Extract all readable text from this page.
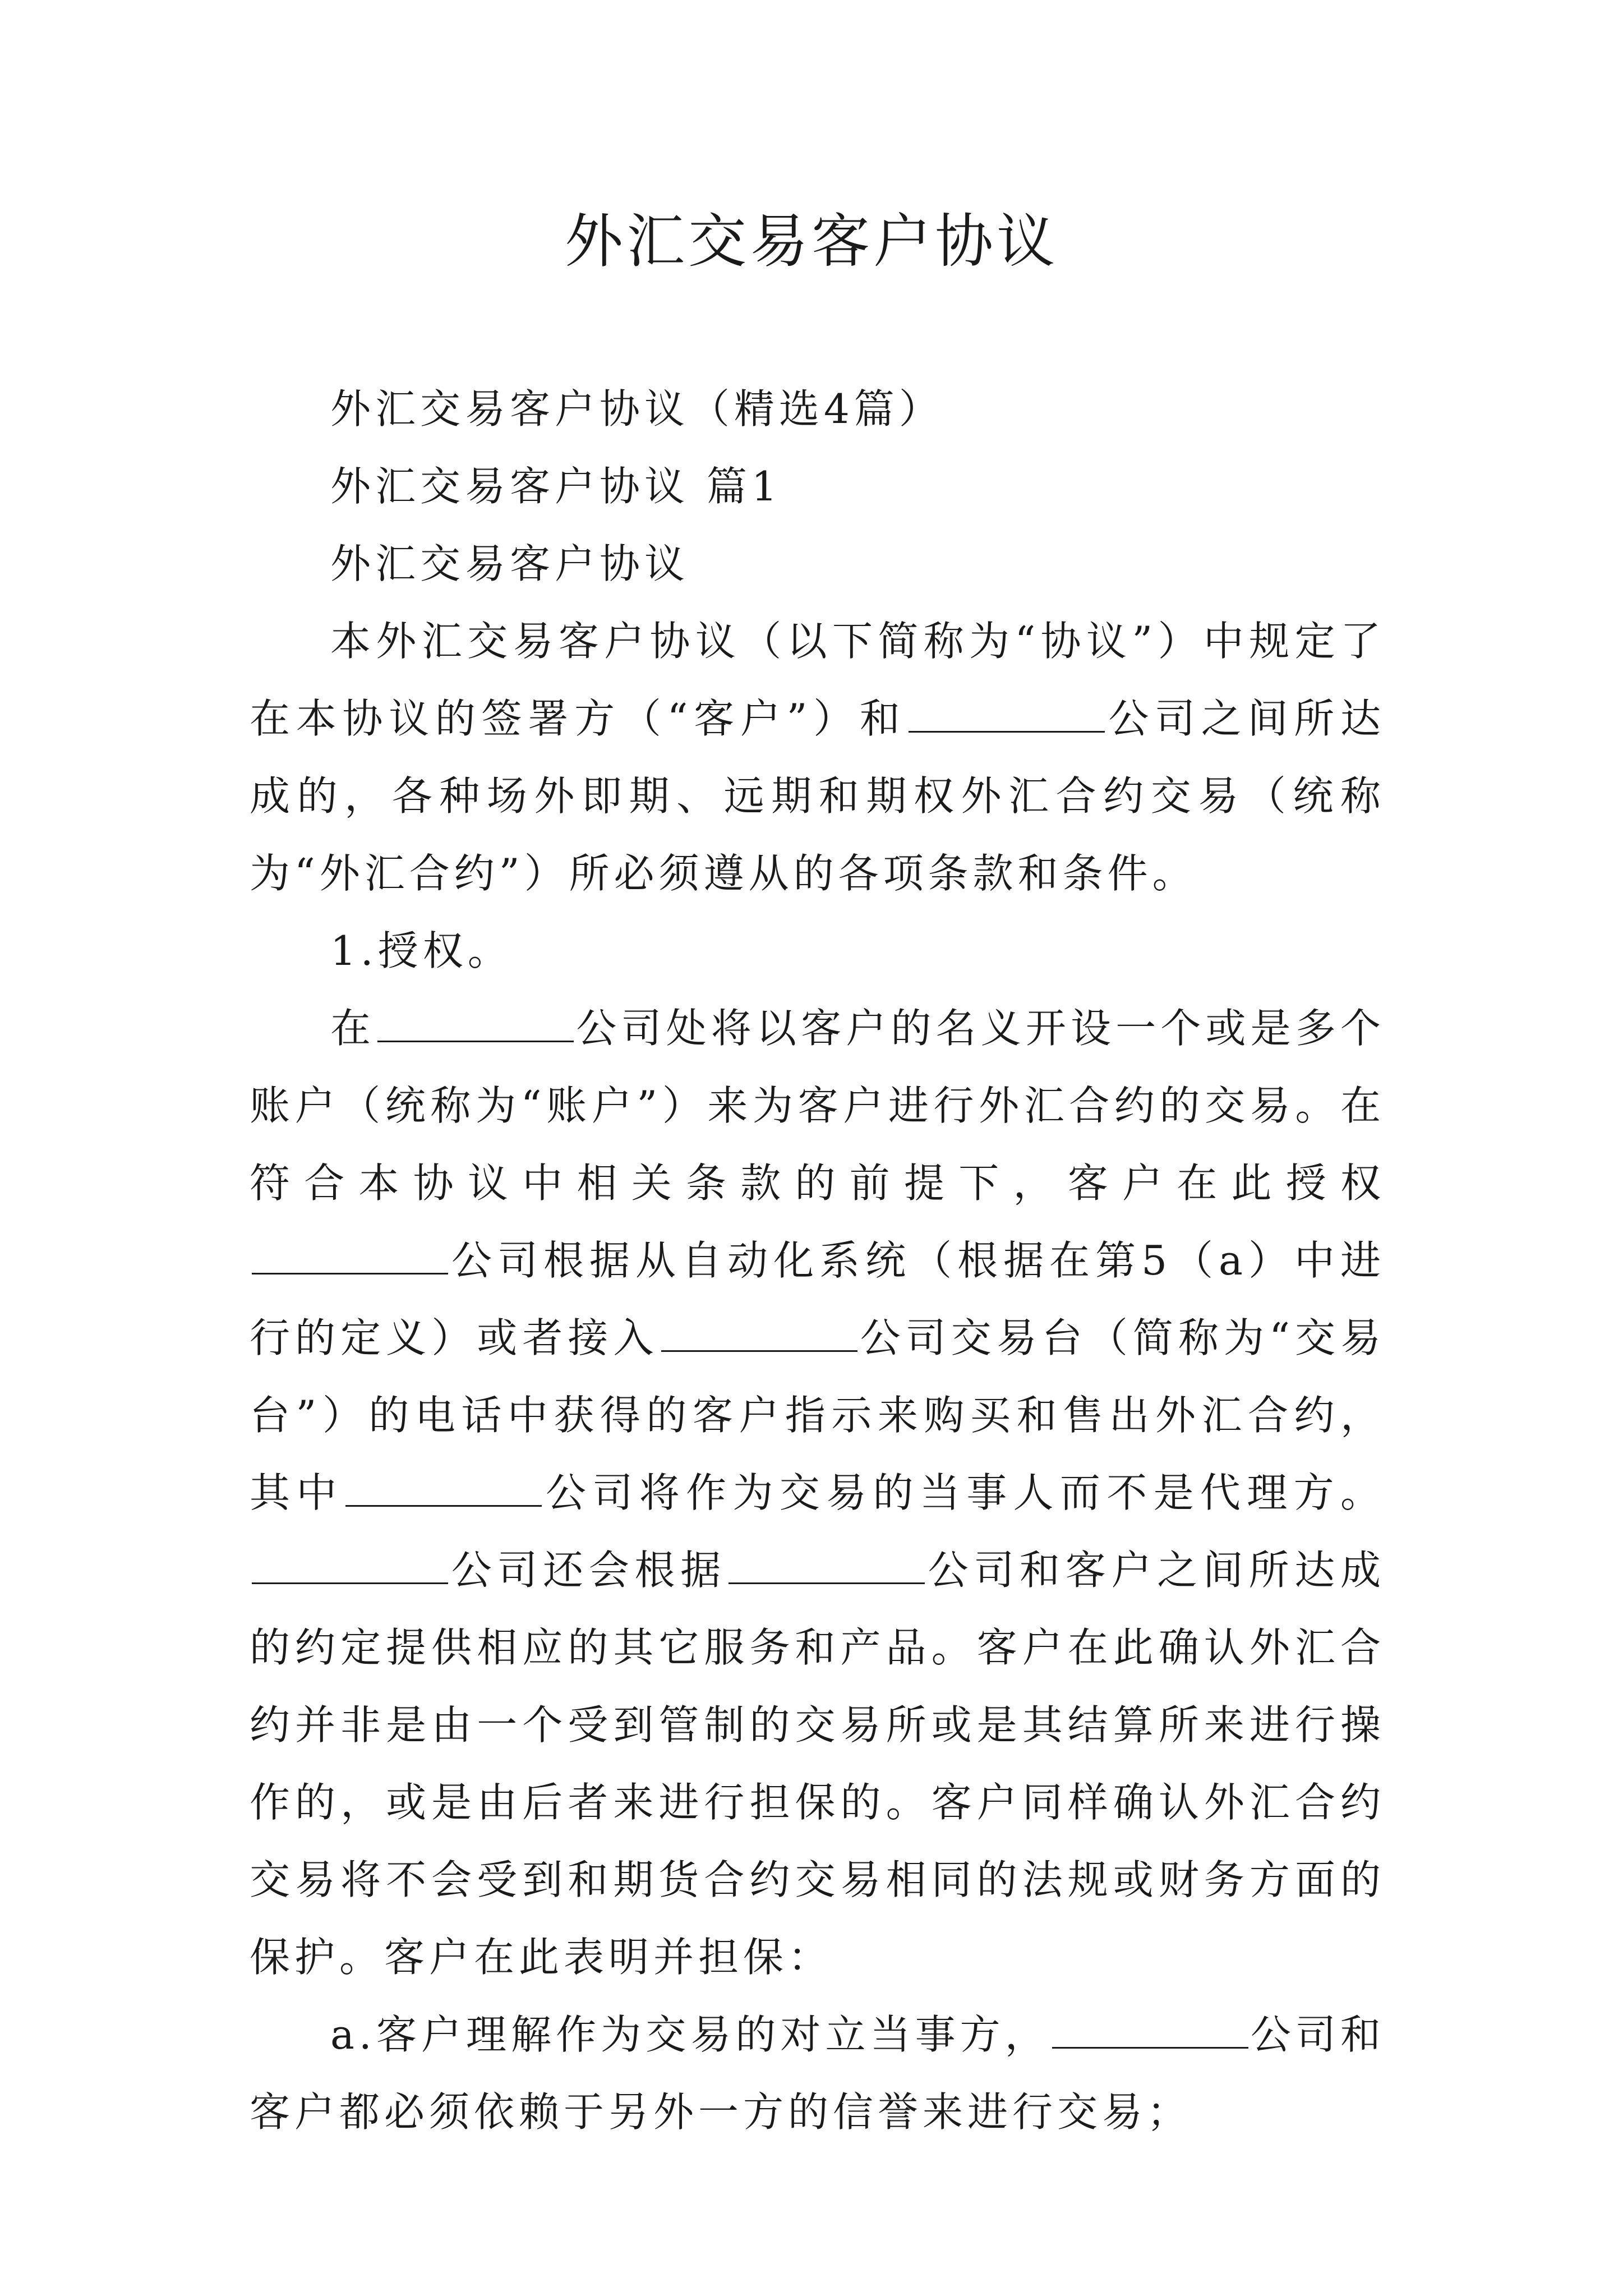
外汇交易客户协议

外汇交易客户协议（精选4篇）

外汇交易客户协议 篇1

外汇交易客户协议

本外汇交易客户协议（以下简称为“协议”）中规定了在本协议的签署方（“客户”）和	公司之间所达成的，各种场外即期、远期和期权外汇合约交易（统称为“外汇合约”）所必须遵从的各项条款和条件。

1.授权。

在	公司处将以客户的名义开设一个或是多个账户（统称为“账户”）来为客户进行外汇合约的交易。在符合本协议中相关条款的前提下，客户在此授权公司根据从自动化系统（根据在第5（a）中进行的定义）或者接入	公司交易台（简称为“交易台”）的电话中获得的客户指示来购买和售出外汇合约，其中	公司将作为交易的当事人而不是代理方。公司还会根据	公司和客户之间所达成的约定提供相应的其它服务和产品。客户在此确认外汇合约并非是由一个受到管制的交易所或是其结算所来进行操作的，或是由后者来进行担保的。客户同样确认外汇合约交易将不会受到和期货合约交易相同的法规或财务方面的保护。客户在此表明并担保：

a.客户理解作为交易的对立当事方，	公司和客户都必须依赖于另外一方的信誉来进行交易；
